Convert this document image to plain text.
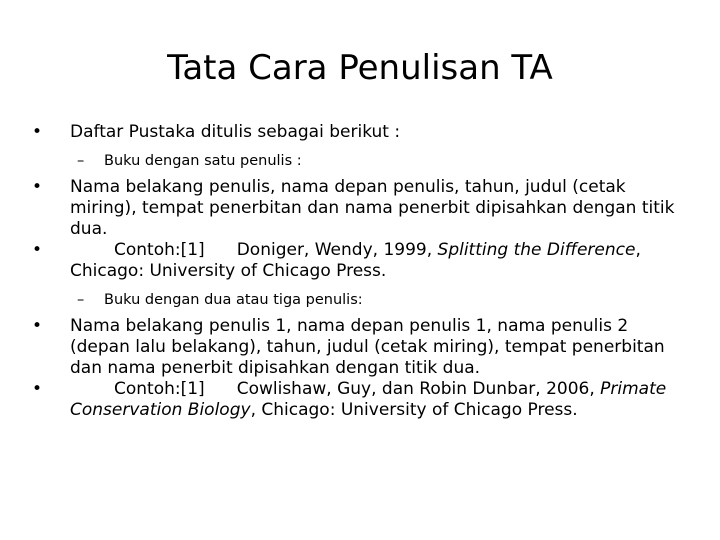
Tata Cara Penulisan TA
• Daftar Pustaka ditulis sebagai berikut :
– Buku dengan satu penulis :
• Nama belakang penulis, nama depan penulis, tahun, judul (cetak miring), tempat penerbitan dan nama penerbit dipisahkan dengan titik dua.
•	Contoh:[1] Doniger, Wendy, 1999, Splitting the Difference, Chicago: University of Chicago Press.
– Buku dengan dua atau tiga penulis:
• Nama belakang penulis 1, nama depan penulis 1, nama penulis 2 (depan lalu belakang), tahun, judul (cetak miring), tempat penerbitan dan nama penerbit dipisahkan dengan titik dua.
•	Contoh:[1] Cowlishaw, Guy, dan Robin Dunbar, 2006, Primate Conservation Biology, Chicago: University of Chicago Press.
